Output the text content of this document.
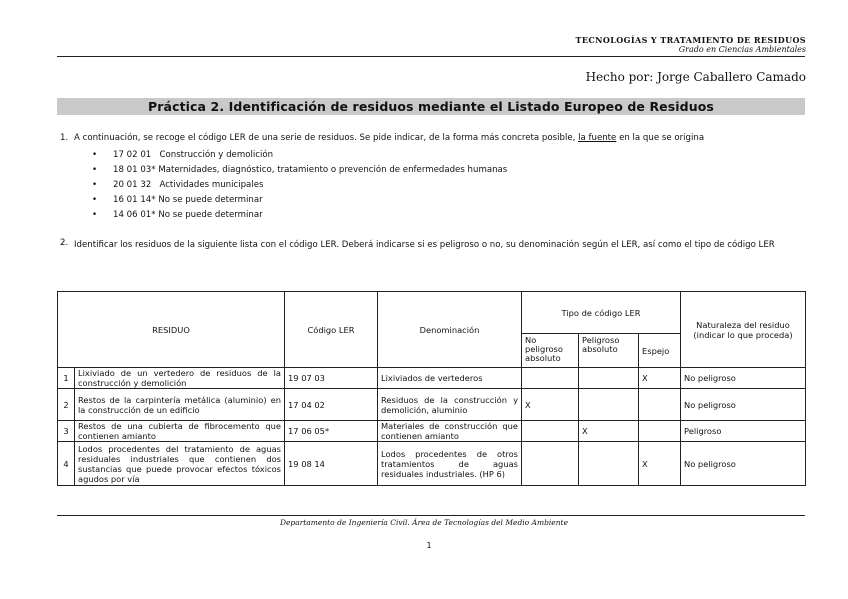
TECNOLOGÍAS Y TRATAMIENTO DE RESIDUOS
Grado en Ciencias Ambientales
Hecho por: Jorge Caballero Camado
Práctica 2. Identificación de residuos mediante el Listado Europeo de Residuos
1. A continuación, se recoge el código LER de una serie de residuos. Se pide indicar, de la forma más concreta posible, la fuente en la que se origina
• 17 02 01 Construcción y demolición
• 18 01 03* Maternidades, diagnóstico, tratamiento o prevención de enfermedades humanas
• 20 01 32 Actividades municipales
• 16 01 14* No se puede determinar
• 14 06 01* No se puede determinar
2. Identificar los residuos de la siguiente lista con el código LER. Deberá indicarse si es peligroso o no, su denominación según el LER, así como el tipo de código LER
RESIDUO		Código LER	Denominación	Tipo de código LER			Naturaleza del residuo (indicar lo que proceda)
				No peligroso absoluto	Peligroso absoluto	Espejo	
1	Lixiviado de un vertedero de residuos de la construcción y demolición	19 07 03	Lixiviados de vertederos			X	No peligroso
2	Restos de la carpintería metálica (aluminio) en la construcción de un edificio	17 04 02	Residuos de la construcción y demolición, aluminio	X			No peligroso
3	Restos de una cubierta de fibrocemento que contienen amianto	17 06 05*	Materiales de construcción que contienen amianto		X		Peligroso
4	Lodos procedentes del tratamiento de aguas residuales industriales que contienen dos sustancias que puede provocar efectos tóxicos agudos por vía	19 08 14	Lodos procedentes de otros tratamientos de aguas residuales industriales. (HP 6)			X	No peligroso
Departamento de Ingeniería Civil. Área de Tecnologías del Medio Ambiente
1
